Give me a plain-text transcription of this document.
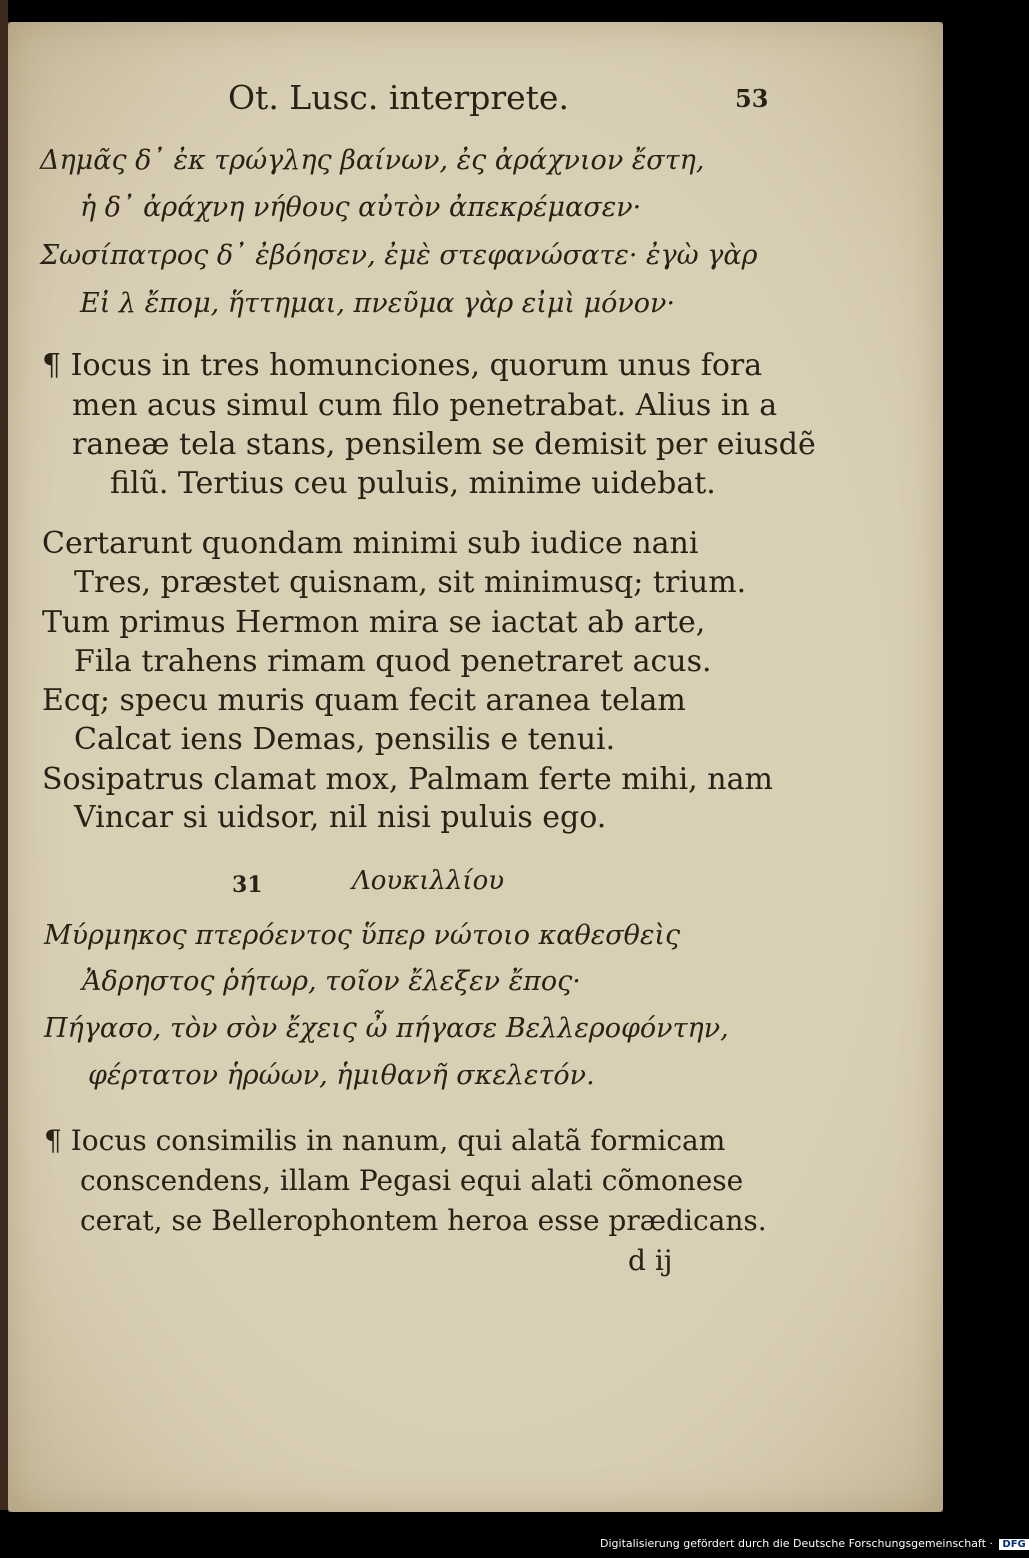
Ot. Lusc. interprete.	53
Δημᾶς δ᾽ ἐκ τρώγλης βαίνων, ἐς ἀράχνιον ἔστη,
ἡ δ᾽ ἀράχνη νήθους αὐτὸν ἀπεκρέμασεν·
Σωσίπατρος δ᾽ ἐβόησεν, ἐμὲ στεφανώσατε· ἐγὼ γὰρ
Εἰ λ ἔπομ, ἥττημαι, πνεῦμα γὰρ εἰμὶ μόνον·
¶ Iocus in tres homunciones, quorum unus fora
men acus simul cum filo penetrabat. Alius in a
raneæ tela stans, pensilem se demisit per eiusdẽ
filũ. Tertius ceu puluis, minime uidebat.
Certarunt quondam minimi sub iudice nani
Tres, præstet quisnam, sit minimusq; trium.
Tum primus Hermon mira se iactat ab arte,
Fila trahens rimam quod penetraret acus.
Ecq; specu muris quam fecit aranea telam
Calcat iens Demas, pensilis e tenui.
Sosipatrus clamat mox, Palmam ferte mihi, nam
Vincar si uidsor, nil nisi puluis ego.
31	Λουκιλλίου
Μύρμηκος πτερόεντος ὕπερ νώτοιο καθεσθεὶς
Ἀδρηστος ῥήτωρ, τοῖον ἔλεξεν ἔπος·
Πήγασο, τὸν σὸν ἔχεις ὦ πήγασε Βελλεροφόντην,
φέρτατον ἡρώων, ἡμιθανῆ σκελετόν.
¶ Iocus consimilis in nanum, qui alatã formicam
conscendens, illam Pegasi equi alati cõmonese
cerat, se Bellerophontem heroa esse prædicans.
d ij
Digitalisierung gefördert durch die Deutsche Forschungsgemeinschaft · DFG
